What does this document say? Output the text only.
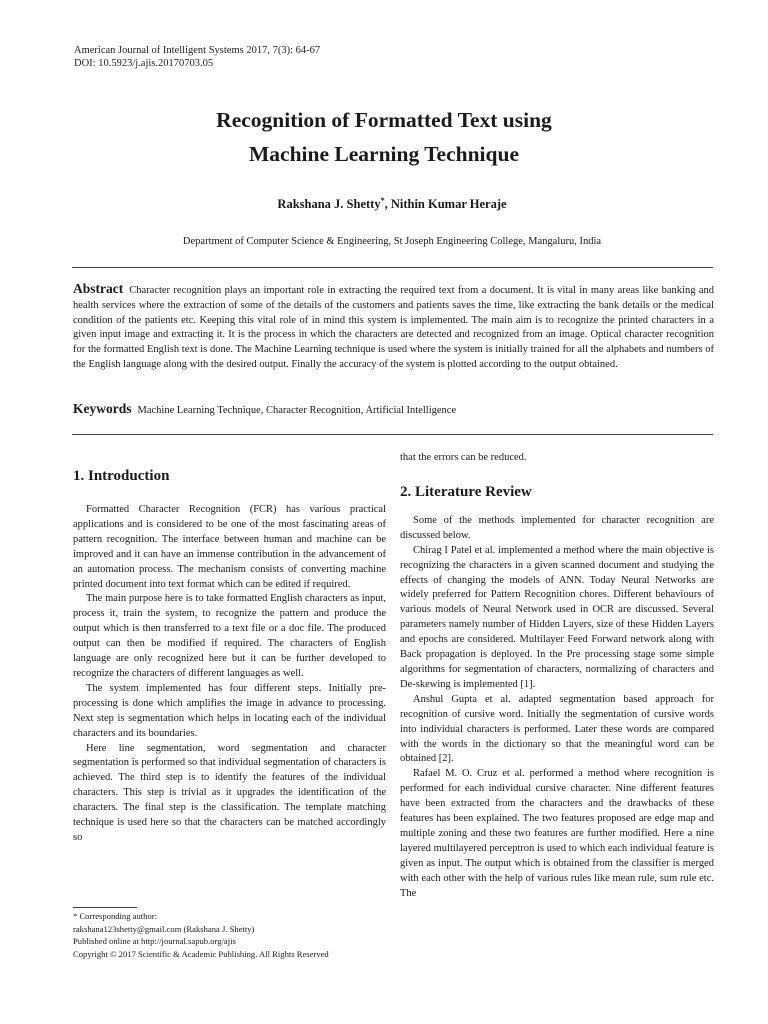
American Journal of Intelligent Systems 2017, 7(3): 64-67
DOI: 10.5923/j.ajis.20170703.05
Recognition of Formatted Text using
Machine Learning Technique
Rakshana J. Shetty*, Nithin Kumar Heraje
Department of Computer Science & Engineering, St Joseph Engineering College, Mangaluru, India
Abstract Character recognition plays an important role in extracting the required text from a document. It is vital in many areas like banking and health services where the extraction of some of the details of the customers and patients saves the time, like extracting the bank details or the medical condition of the patients etc. Keeping this vital role of in mind this system is implemented. The main aim is to recognize the printed characters in a given input image and extracting it. It is the process in which the characters are detected and recognized from an image. Optical character recognition for the formatted English text is done. The Machine Learning technique is used where the system is initially trained for all the alphabets and numbers of the English language along with the desired output. Finally the accuracy of the system is plotted according to the output obtained.
Keywords Machine Learning Technique, Character Recognition, Artificial Intelligence
1. Introduction

Formatted Character Recognition (FCR) has various practical applications and is considered to be one of the most fascinating areas of pattern recognition. The interface between human and machine can be improved and it can have an immense contribution in the advancement of an automation process. The mechanism consists of converting machine printed document into text format which can be edited if required.

The main purpose here is to take formatted English characters as input, process it, train the system, to recognize the pattern and produce the output which is then transferred to a text file or a doc file. The produced output can then be modified if required. The characters of English language are only recognized here but it can be further developed to recognize the characters of different languages as well.

The system implemented has four different steps. Initially pre-processing is done which amplifies the image in advance to processing. Next step is segmentation which helps in locating each of the individual characters and its boundaries.

Here line segmentation, word segmentation and character segmentation is performed so that individual segmentation of characters is achieved. The third step is to identify the features of the individual characters. This step is trivial as it upgrades the identification of the characters. The final step is the classification. The template matching technique is used here so that the characters can be matched accordingly so

that the errors can be reduced.

2. Literature Review

Some of the methods implemented for character recognition are discussed below.

Chirag I Patel et al. implemented a method where the main objective is recognizing the characters in a given scanned document and studying the effects of changing the models of ANN. Today Neural Networks are widely preferred for Pattern Recognition chores. Different behaviours of various models of Neural Network used in OCR are discussed. Several parameters namely number of Hidden Layers, size of these Hidden Layers and epochs are considered. Multilayer Feed Forward network along with Back propagation is deployed. In the Pre processing stage some simple algorithms for segmentation of characters, normalizing of characters and De-skewing is implemented [1].

Anshul Gupta et al. adapted segmentation based approach for recognition of cursive word. Initially the segmentation of cursive words into individual characters is performed. Later these words are compared with the words in the dictionary so that the meaningful word can be obtained [2].

Rafael M. O. Cruz et al. performed a method where recognition is performed for each individual cursive character. Nine different features have been extracted from the characters and the drawbacks of these features has been explained. The two features proposed are edge map and multiple zoning and these two features are further modified. Here a nine layered multilayered perceptron is used to which each individual feature is given as input. The output which is obtained from the classifier is merged with each other with the help of various rules like mean rule, sum rule etc. The

* Corresponding author:
rakshana123shetty@gmail.com (Rakshana J. Shetty)
Published online at http://journal.sapub.org/ajis
Copyright © 2017 Scientific & Academic Publishing. All Rights Reserved
